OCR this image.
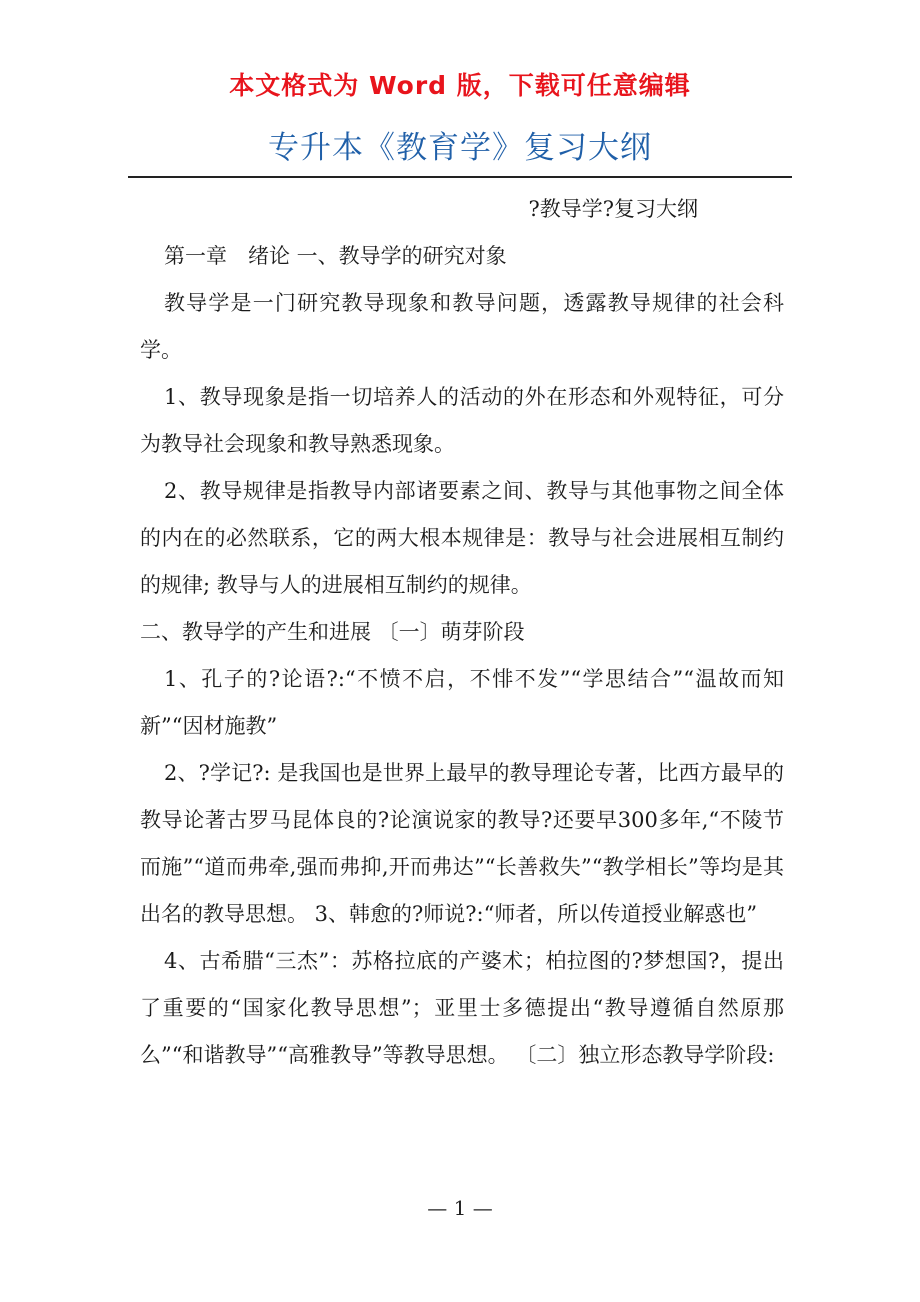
本文格式为 Word 版，下载可任意编辑
专升本《教育学》复习大纲

?教导学?复习大纲

第一章　绪论 一、教导学的研究对象

教导学是一门研究教导现象和教导问题，透露教导规律的社会科学。

1、教导现象是指一切培养人的活动的外在形态和外观特征，可分为教导社会现象和教导熟悉现象。

2、教导规律是指教导内部诸要素之间、教导与其他事物之间全体的内在的必然联系，它的两大根本规律是：教导与社会进展相互制约的规律; 教导与人的进展相互制约的规律。

二、教导学的产生和进展 〔一〕萌芽阶段

1、孔子的?论语?:“不愤不启，不悱不发”“学思结合”“温故而知新”“因材施教”

2、?学记?: 是我国也是世界上最早的教导理论专著，比西方最早的教导论著古罗马昆体良的?论演说家的教导?还要早300多年,“不陵节而施”“道而弗牵,强而弗抑,开而弗达”“长善救失”“教学相长”等均是其出名的教导思想。 3、韩愈的?师说?:“师者，所以传道授业解惑也”

4、古希腊“三杰”：苏格拉底的产婆术；柏拉图的?梦想国?，提出了重要的“国家化教导思想”；亚里士多德提出“教导遵循自然原那么”“和谐教导”“高雅教导”等教导思想。 〔二〕独立形态教导学阶段:

— 1 —
